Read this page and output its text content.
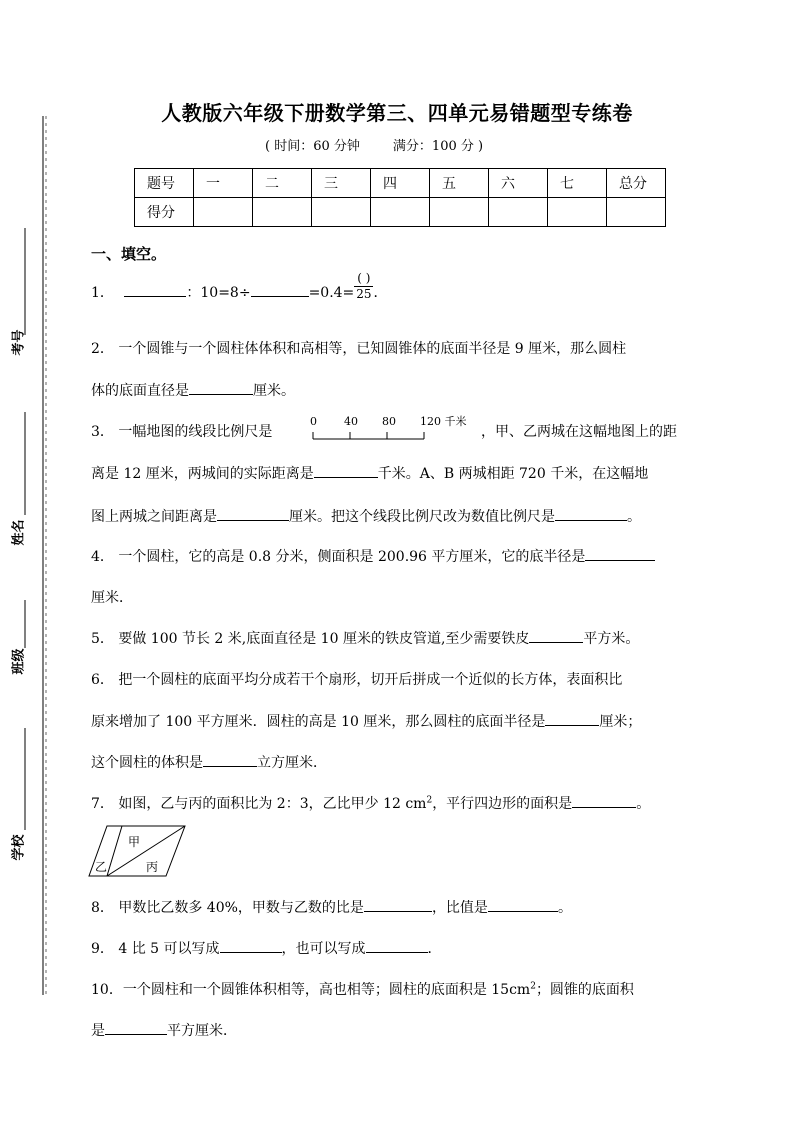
考号
姓名
班级
学校
人教版六年级下册数学第三、四单元易错题型专练卷
( 时间：60 分钟        满分：100 分 )
题号	一	二	三	四	五	六	七	总分
得分								
一、填空。
1．	：10=8÷	$=0.4= \frac{( )}{25}$．
2． 一个圆锥与一个圆柱体体积和高相等，已知圆锥体的底面半径是 9 厘米，那么圆柱
体的底面直径是	厘米。
3． 一幅地图的线段比例尺是
0 40 80 120 千米
，甲、乙两城在这幅地图上的距
离是 12 厘米，两城间的实际距离是	千米。A、B 两城相距 720 千米，在这幅地
图上两城之间距离是	厘米。把这个线段比例尺改为数值比例尺是	。
4． 一个圆柱，它的高是 0.8 分米，侧面积是 200.96 平方厘米，它的底半径是
厘米．
5． 要做 100 节长 2 米,底面直径是 10 厘米的铁皮管道,至少需要铁皮	平方米。
6． 把一个圆柱的底面平均分成若干个扇形，切开后拼成一个近似的长方体，表面积比
原来增加了 100 平方厘米．圆柱的高是 10 厘米，那么圆柱的底面半径是	厘米；
这个圆柱的体积是	立方厘米．
7． 如图，乙与丙的面积比为 2：3，乙比甲少 12 $cm^2$，平行四边形的面积是	。
甲
乙	丙
8． 甲数比乙数多 40%，甲数与乙数的比是	，比值是	。
9． 4 比 5 可以写成	，也可以写成	．
10．一个圆柱和一个圆锥体积相等，高也相等；圆柱的底面积是 $15cm^2$；圆锥的底面积
是	平方厘米．
